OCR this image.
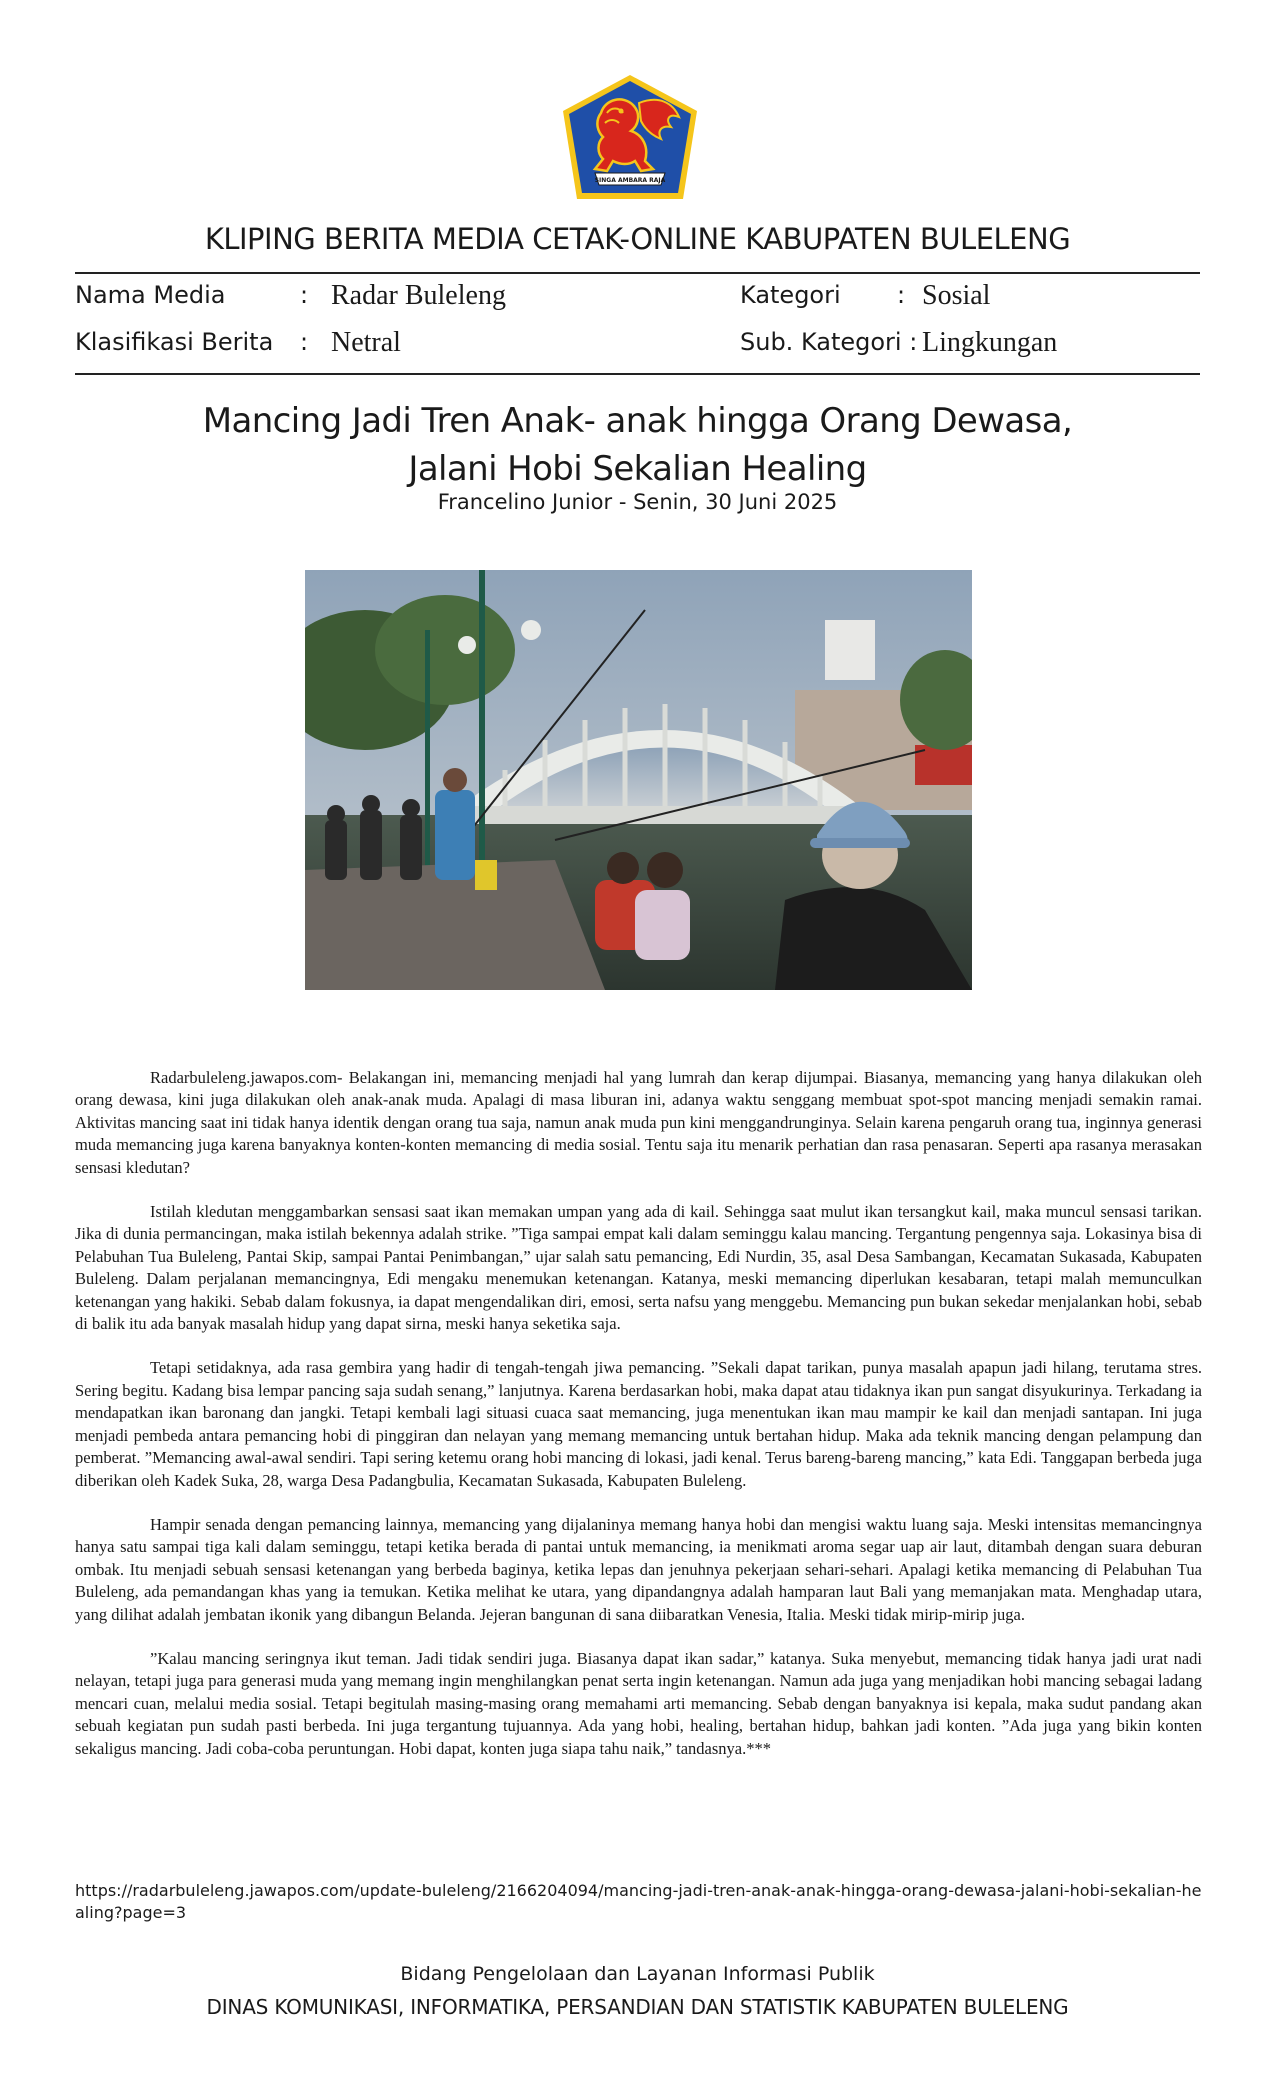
SINGA AMBARA RAJA
KLIPING BERITA MEDIA CETAK-ONLINE KABUPATEN BULELENG
Nama Media	: Radar Buleleng
Klasifikasi Berita : Netral
Kategori : Sosial
Sub. Kategori : Lingkungan
Mancing Jadi Tren Anak- anak hingga Orang Dewasa,
Jalani Hobi Sekalian Healing
Francelino Junior - Senin, 30 Juni 2025

Radarbuleleng.jawapos.com- Belakangan ini, memancing menjadi hal yang lumrah dan kerap dijumpai. Biasanya, memancing yang hanya dilakukan oleh orang dewasa, kini juga dilakukan oleh anak-anak muda. Apalagi di masa liburan ini, adanya waktu senggang membuat spot-spot mancing menjadi semakin ramai. Aktivitas mancing saat ini tidak hanya identik dengan orang tua saja, namun anak muda pun kini menggandrunginya. Selain karena pengaruh orang tua, inginnya generasi muda memancing juga karena banyaknya konten-konten memancing di media sosial. Tentu saja itu menarik perhatian dan rasa penasaran. Seperti apa rasanya merasakan sensasi kledutan?

Istilah kledutan menggambarkan sensasi saat ikan memakan umpan yang ada di kail. Sehingga saat mulut ikan tersangkut kail, maka muncul sensasi tarikan. Jika di dunia permancingan, maka istilah bekennya adalah strike. ”Tiga sampai empat kali dalam seminggu kalau mancing. Tergantung pengennya saja. Lokasinya bisa di Pelabuhan Tua Buleleng, Pantai Skip, sampai Pantai Penimbangan,” ujar salah satu pemancing, Edi Nurdin, 35, asal Desa Sambangan, Kecamatan Sukasada, Kabupaten Buleleng. Dalam perjalanan memancingnya, Edi mengaku menemukan ketenangan. Katanya, meski memancing diperlukan kesabaran, tetapi malah memunculkan ketenangan yang hakiki. Sebab dalam fokusnya, ia dapat mengendalikan diri, emosi, serta nafsu yang menggebu. Memancing pun bukan sekedar menjalankan hobi, sebab di balik itu ada banyak masalah hidup yang dapat sirna, meski hanya seketika saja.

Tetapi setidaknya, ada rasa gembira yang hadir di tengah-tengah jiwa pemancing. ”Sekali dapat tarikan, punya masalah apapun jadi hilang, terutama stres. Sering begitu. Kadang bisa lempar pancing saja sudah senang,” lanjutnya. Karena berdasarkan hobi, maka dapat atau tidaknya ikan pun sangat disyukurinya. Terkadang ia mendapatkan ikan baronang dan jangki. Tetapi kembali lagi situasi cuaca saat memancing, juga menentukan ikan mau mampir ke kail dan menjadi santapan. Ini juga menjadi pembeda antara pemancing hobi di pinggiran dan nelayan yang memang memancing untuk bertahan hidup. Maka ada teknik mancing dengan pelampung dan pemberat. ”Memancing awal-awal sendiri. Tapi sering ketemu orang hobi mancing di lokasi, jadi kenal. Terus bareng-bareng mancing,” kata Edi. Tanggapan berbeda juga diberikan oleh Kadek Suka, 28, warga Desa Padangbulia, Kecamatan Sukasada, Kabupaten Buleleng.

Hampir senada dengan pemancing lainnya, memancing yang dijalaninya memang hanya hobi dan mengisi waktu luang saja. Meski intensitas memancingnya hanya satu sampai tiga kali dalam seminggu, tetapi ketika berada di pantai untuk memancing, ia menikmati aroma segar uap air laut, ditambah dengan suara deburan ombak. Itu menjadi sebuah sensasi ketenangan yang berbeda baginya, ketika lepas dan jenuhnya pekerjaan sehari-sehari. Apalagi ketika memancing di Pelabuhan Tua Buleleng, ada pemandangan khas yang ia temukan. Ketika melihat ke utara, yang dipandangnya adalah hamparan laut Bali yang memanjakan mata. Menghadap utara, yang dilihat adalah jembatan ikonik yang dibangun Belanda. Jejeran bangunan di sana diibaratkan Venesia, Italia. Meski tidak mirip-mirip juga.

”Kalau mancing seringnya ikut teman. Jadi tidak sendiri juga. Biasanya dapat ikan sadar,” katanya. Suka menyebut, memancing tidak hanya jadi urat nadi nelayan, tetapi juga para generasi muda yang memang ingin menghilangkan penat serta ingin ketenangan. Namun ada juga yang menjadikan hobi mancing sebagai ladang mencari cuan, melalui media sosial. Tetapi begitulah masing-masing orang memahami arti memancing. Sebab dengan banyaknya isi kepala, maka sudut pandang akan sebuah kegiatan pun sudah pasti berbeda. Ini juga tergantung tujuannya. Ada yang hobi, healing, bertahan hidup, bahkan jadi konten. ”Ada juga yang bikin konten sekaligus mancing. Jadi coba-coba peruntungan. Hobi dapat, konten juga siapa tahu naik,” tandasnya.***

https://radarbuleleng.jawapos.com/update-buleleng/2166204094/mancing-jadi-tren-anak-anak-hingga-orang-dewasa-jalani-hobi-sekalian-healing?page=3
Bidang Pengelolaan dan Layanan Informasi Publik
DINAS KOMUNIKASI, INFORMATIKA, PERSANDIAN DAN STATISTIK KABUPATEN BULELENG
